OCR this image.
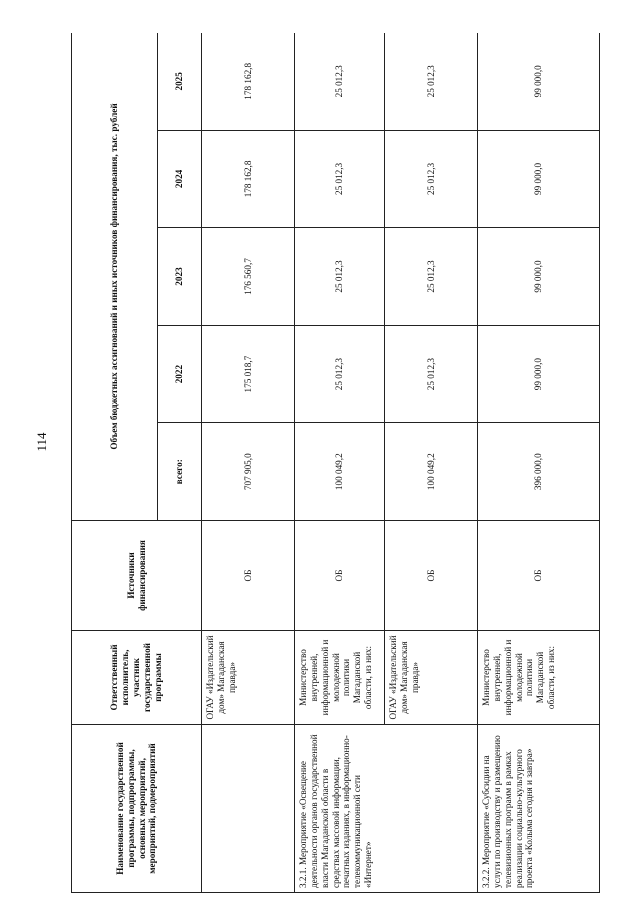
114
Наименование государственной программы, подпрограммы, основных мероприятий, мероприятий, подмероприятий	Ответственный исполнитель, участник государственной программы	Источники финансирования	Объем бюджетных ассигнований и иных источников финансирования, тыс. рублей				
			всего:	2022	2023	2024	2025
	ОГАУ «Издательский дом» Магаданская правда»	ОБ	707 905,0	175 018,7	176 560,7	178 162,8	178 162,8
3.2.1. Мероприятие «Освещение деятельности органов государственной власти Магаданской области в средствах массовой информации, печатных изданиях, в информационно-телекоммуникационной сети «Интернет»	Министерство внутренней, информационной и молодежной политики Магаданской области, из них:	ОБ	100 049,2	25 012,3	25 012,3	25 012,3	25 012,3
	ОГАУ «Издательский дом» Магаданская правда»	ОБ	100 049,2	25 012,3	25 012,3	25 012,3	25 012,3
3.2.2. Мероприятие «Субсидии на услуги по производству и размещению телевизионных программ в рамках реализации социально-культурного проекта «Колыма сегодня и завтра»	Министерство внутренней, информационной и молодежной политики Магаданской области, из них:	ОБ	396 000,0	99 000,0	99 000,0	99 000,0	99 000,0
